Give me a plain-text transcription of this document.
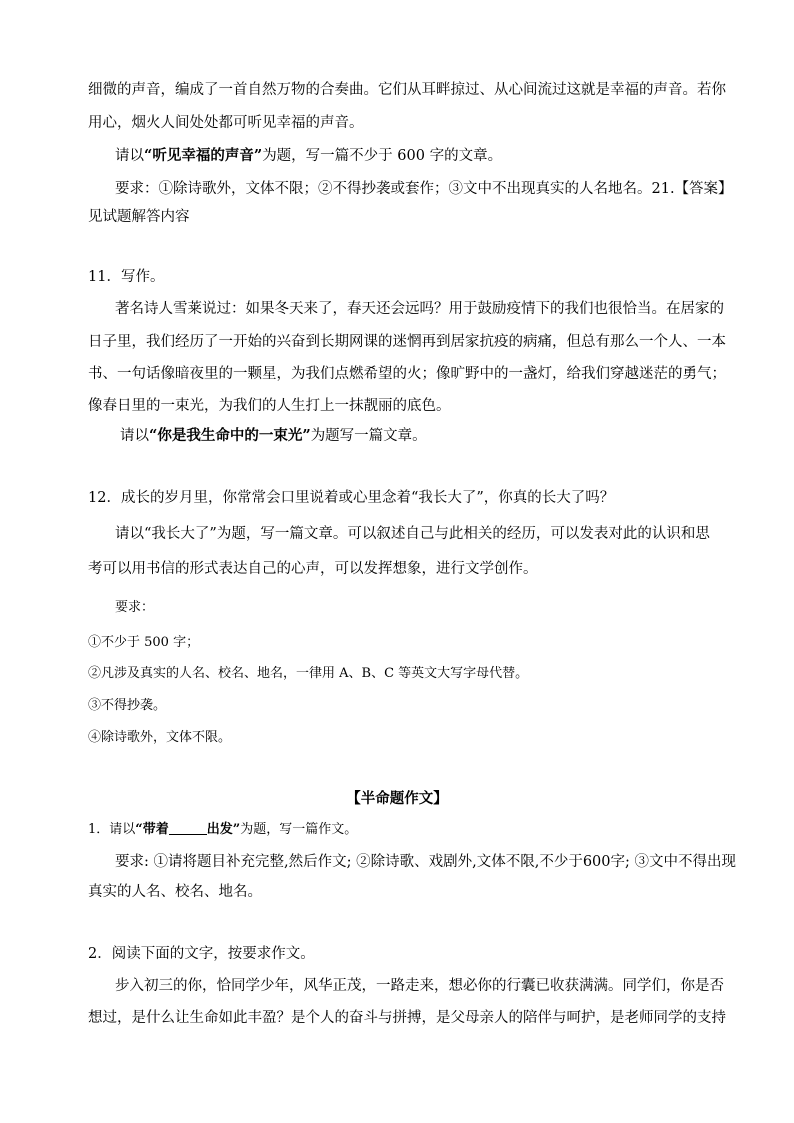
细微的声音，编成了一首自然万物的合奏曲。它们从耳畔掠过、从心间流过这就是幸福的声音。若你
用心，烟火人间处处都可听见幸福的声音。
请以“听见幸福的声音”为题，写一篇不少于 600 字的文章。
要求：①除诗歌外，文体不限；②不得抄袭或套作；③文中不出现真实的人名地名。21.【答案】
见试题解答内容
11．写作。
著名诗人雪莱说过：如果冬天来了，春天还会远吗？用于鼓励疫情下的我们也很恰当。在居家的
日子里，我们经历了一开始的兴奋到长期网课的迷惘再到居家抗疫的病痛，但总有那么一个人、一本
书、一句话像暗夜里的一颗星，为我们点燃希望的火；像旷野中的一盏灯，给我们穿越迷茫的勇气；
像春日里的一束光，为我们的人生打上一抹靓丽的底色。
请以“你是我生命中的一束光”为题写一篇文章。
12．成长的岁月里，你常常会口里说着或心里念着“我长大了”，你真的长大了吗？
请以“我长大了”为题，写一篇文章。可以叙述自己与此相关的经历，可以发表对此的认识和思
考可以用书信的形式表达自己的心声，可以发挥想象，进行文学创作。
要求：
①不少于 500 字；
②凡涉及真实的人名、校名、地名，一律用 A、B、C 等英文大写字母代替。
③不得抄袭。
④除诗歌外，文体不限。
【半命题作文】
1．请以“带着	出发”为题，写一篇作文。
要求: ①请将题目补充完整,然后作文; ②除诗歌、戏剧外,文体不限,不少于600字; ③文中不得出现
真实的人名、校名、地名。
2．阅读下面的文字，按要求作文。
步入初三的你，恰同学少年，风华正茂，一路走来，想必你的行囊已收获满满。同学们，你是否
想过，是什么让生命如此丰盈？是个人的奋斗与拼搏，是父母亲人的陪伴与呵护，是老师同学的支持
